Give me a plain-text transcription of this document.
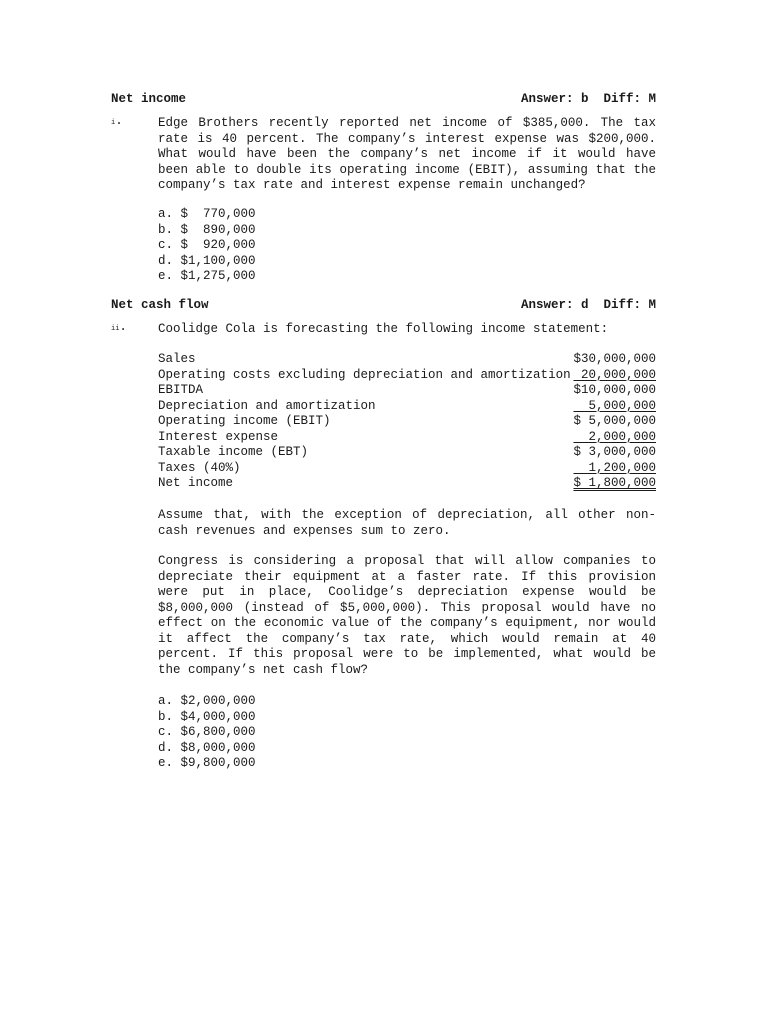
Net income	Answer: b Diff: M
i.	Edge Brothers recently reported net income of $385,000. The tax rate is 40 percent. The company’s interest expense was $200,000. What would have been the company’s net income if it would have been able to double its operating income (EBIT), assuming that the company’s tax rate and interest expense remain unchanged?
a. $  770,000
b. $  890,000
c. $  920,000
d. $1,100,000
e. $1,275,000
Net cash flow	Answer: d Diff: M
ii. Coolidge Cola is forecasting the following income statement:
Sales	$30,000,000
Operating costs excluding depreciation and amortization 20,000,000
EBITDA	$10,000,000
Depreciation and amortization	5,000,000
Operating income (EBIT)	$ 5,000,000
Interest expense	2,000,000
Taxable income (EBT)	$ 3,000,000
Taxes (40%)	1,200,000
Net income	$ 1,800,000
Assume that, with the exception of depreciation, all other non-cash revenues and expenses sum to zero.
Congress is considering a proposal that will allow companies to depreciate their equipment at a faster rate. If this provision were put in place, Coolidge’s depreciation expense would be $8,000,000 (instead of $5,000,000). This proposal would have no effect on the economic value of the company’s equipment, nor would it affect the company’s tax rate, which would remain at 40 percent. If this proposal were to be implemented, what would be the company’s net cash flow?
a. $2,000,000
b. $4,000,000
c. $6,800,000
d. $8,000,000
e. $9,800,000
